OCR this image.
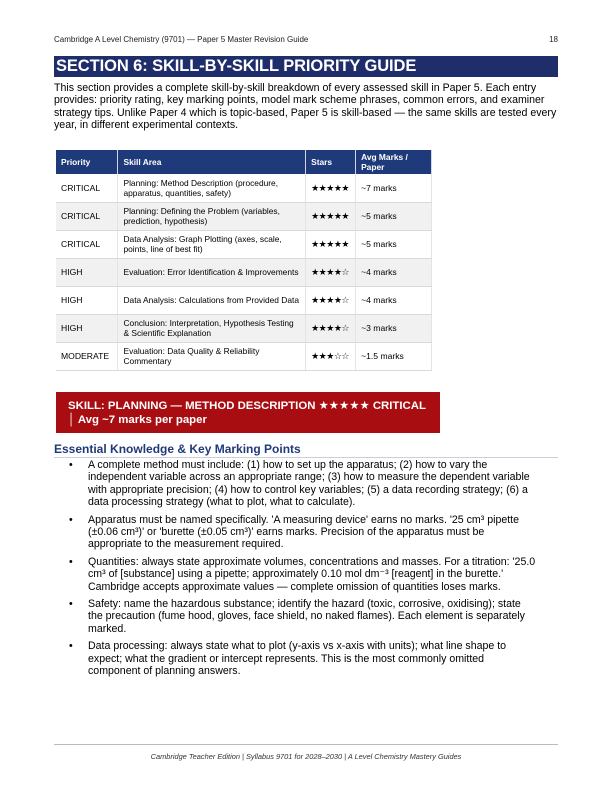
Cambridge A Level Chemistry (9701) — Paper 5 Master Revision Guide	18
SECTION 6: SKILL-BY-SKILL PRIORITY GUIDE

This section provides a complete skill-by-skill breakdown of every assessed skill in Paper 5. Each entry provides: priority rating, key marking points, model mark scheme phrases, common errors, and examiner strategy tips. Unlike Paper 4 which is topic-based, Paper 5 is skill-based — the same skills are tested every year, in different experimental contexts.

Priority	Skill Area	Stars	Avg Marks / Paper
CRITICAL	Planning: Method Description (procedure, apparatus, quantities, safety)	★★★★★	~7 marks
CRITICAL	Planning: Defining the Problem (variables, prediction, hypothesis)	★★★★★	~5 marks
CRITICAL	Data Analysis: Graph Plotting (axes, scale, points, line of best fit)	★★★★★	~5 marks
HIGH	Evaluation: Error Identification & Improvements	★★★★☆	~4 marks
HIGH	Data Analysis: Calculations from Provided Data	★★★★☆	~4 marks
HIGH	Conclusion: Interpretation, Hypothesis Testing & Scientific Explanation	★★★★☆	~3 marks
MODERATE	Evaluation: Data Quality & Reliability Commentary	★★★☆☆	~1.5 marks
SKILL: PLANNING — METHOD DESCRIPTION ★★★★★ CRITICAL │ Avg ~7 marks per paper
Essential Knowledge & Key Marking Points
• A complete method must include: (1) how to set up the apparatus; (2) how to vary the independent variable across an appropriate range; (3) how to measure the dependent variable with appropriate precision; (4) how to control key variables; (5) a data recording strategy; (6) a data processing strategy (what to plot, what to calculate).
• Apparatus must be named specifically. 'A measuring device' earns no marks. '25 cm³ pipette (±0.06 cm³)' or 'burette (±0.05 cm³)' earns marks. Precision of the apparatus must be appropriate to the measurement required.
• Quantities: always state approximate volumes, concentrations and masses. For a titration: '25.0 cm³ of [substance] using a pipette; approximately 0.10 mol dm⁻³ [reagent] in the burette.' Cambridge accepts approximate values — complete omission of quantities loses marks.
• Safety: name the hazardous substance; identify the hazard (toxic, corrosive, oxidising); state the precaution (fume hood, gloves, face shield, no naked flames). Each element is separately marked.
• Data processing: always state what to plot (y-axis vs x-axis with units); what line shape to expect; what the gradient or intercept represents. This is the most commonly omitted component of planning answers.
Cambridge Teacher Edition | Syllabus 9701 for 2028–2030 | A Level Chemistry Mastery Guides
